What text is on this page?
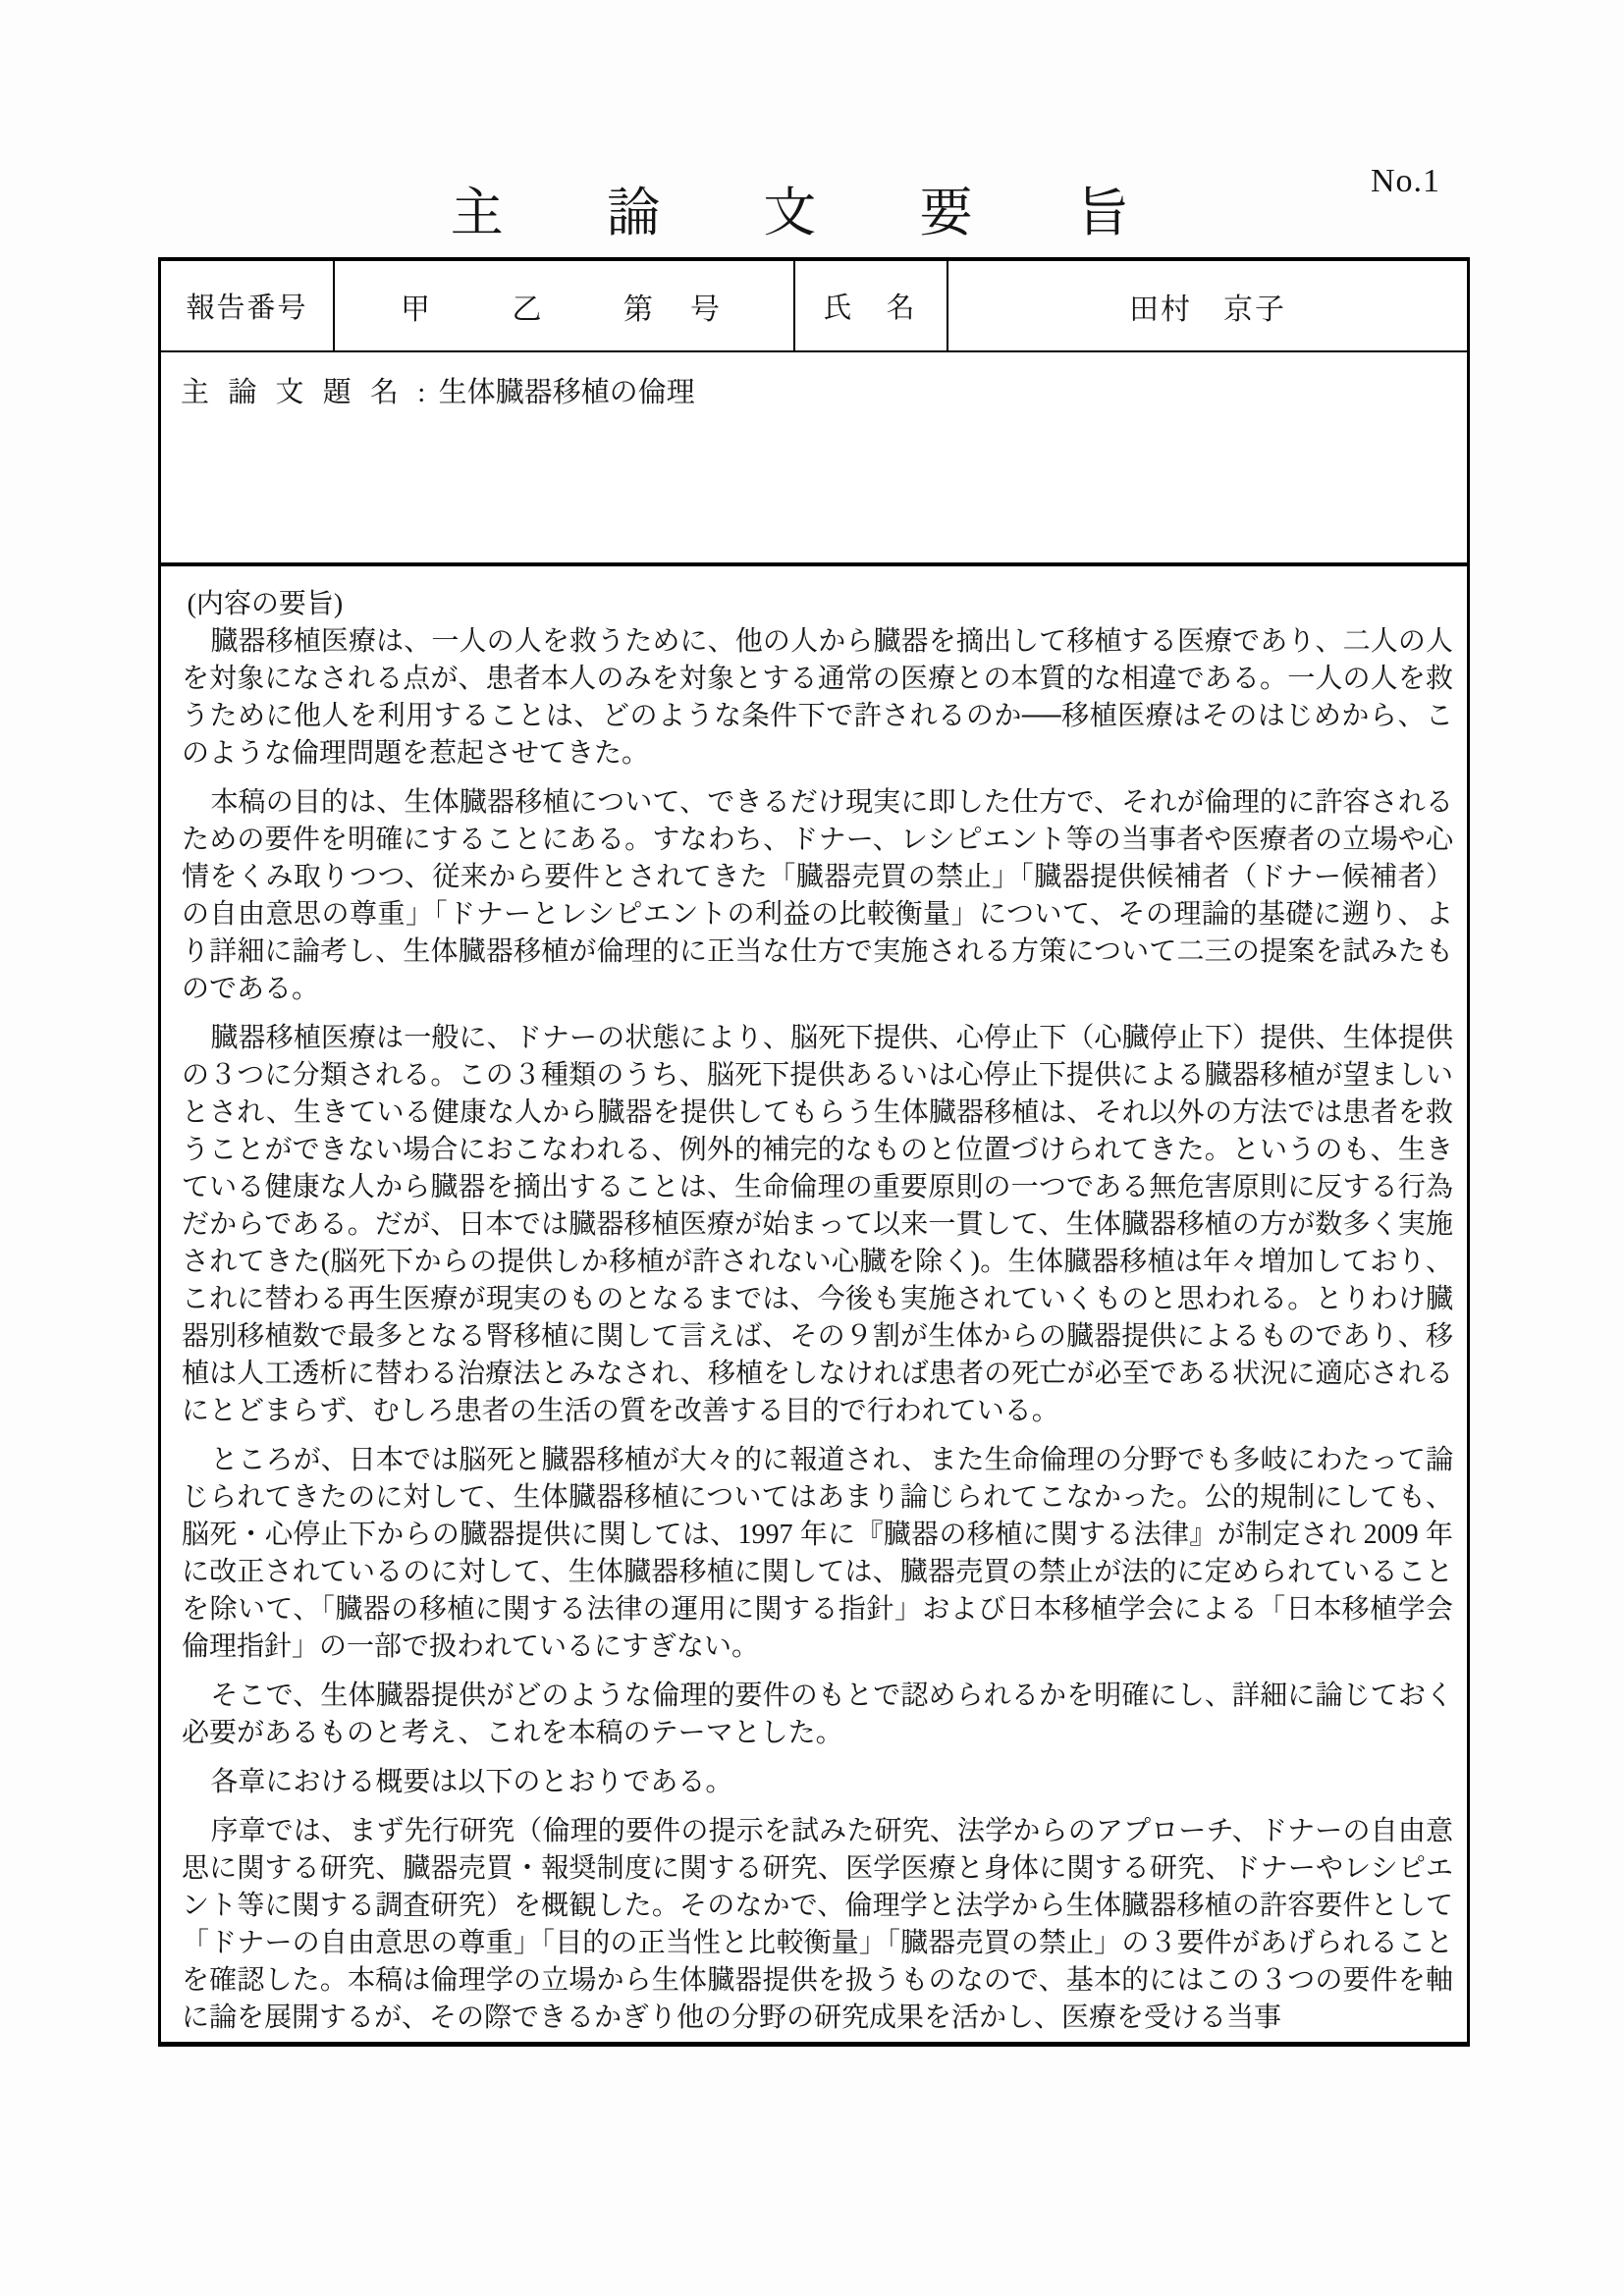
主論文要旨
No.1
報告番号	甲 乙 第 号	氏 名	田村　京子
主 論 文 題 名 : 生体臓器移植の倫理

(内容の要旨)

臓器移植医療は、一人の人を救うために、他の人から臓器を摘出して移植する医療であり、二人の人を対象になされる点が、患者本人のみを対象とする通常の医療との本質的な相違である。一人の人を救うために他人を利用することは、どのような条件下で許されるのか──移植医療はそのはじめから、このような倫理問題を惹起させてきた。

本稿の目的は、生体臓器移植について、できるだけ現実に即した仕方で、それが倫理的に許容されるための要件を明確にすることにある。すなわち、ドナー、レシピエント等の当事者や医療者の立場や心情をくみ取りつつ、従来から要件とされてきた「臓器売買の禁止」「臓器提供候補者（ドナー候補者）の自由意思の尊重」「ドナーとレシピエントの利益の比較衡量」について、その理論的基礎に遡り、より詳細に論考し、生体臓器移植が倫理的に正当な仕方で実施される方策について二三の提案を試みたものである。

臓器移植医療は一般に、ドナーの状態により、脳死下提供、心停止下（心臓停止下）提供、生体提供の３つに分類される。この３種類のうち、脳死下提供あるいは心停止下提供による臓器移植が望ましいとされ、生きている健康な人から臓器を提供してもらう生体臓器移植は、それ以外の方法では患者を救うことができない場合におこなわれる、例外的補完的なものと位置づけられてきた。というのも、生きている健康な人から臓器を摘出することは、生命倫理の重要原則の一つである無危害原則に反する行為だからである。だが、日本では臓器移植医療が始まって以来一貫して、生体臓器移植の方が数多く実施されてきた(脳死下からの提供しか移植が許されない心臓を除く)。生体臓器移植は年々増加しており、これに替わる再生医療が現実のものとなるまでは、今後も実施されていくものと思われる。とりわけ臓器別移植数で最多となる腎移植に関して言えば、その９割が生体からの臓器提供によるものであり、移植は人工透析に替わる治療法とみなされ、移植をしなければ患者の死亡が必至である状況に適応されるにとどまらず、むしろ患者の生活の質を改善する目的で行われている。

ところが、日本では脳死と臓器移植が大々的に報道され、また生命倫理の分野でも多岐にわたって論じられてきたのに対して、生体臓器移植についてはあまり論じられてこなかった。公的規制にしても、脳死・心停止下からの臓器提供に関しては、1997 年に『臓器の移植に関する法律』が制定され 2009 年に改正されているのに対して、生体臓器移植に関しては、臓器売買の禁止が法的に定められていることを除いて、「臓器の移植に関する法律の運用に関する指針」および日本移植学会による「日本移植学会倫理指針」の一部で扱われているにすぎない。

そこで、生体臓器提供がどのような倫理的要件のもとで認められるかを明確にし、詳細に論じておく必要があるものと考え、これを本稿のテーマとした。

各章における概要は以下のとおりである。

序章では、まず先行研究（倫理的要件の提示を試みた研究、法学からのアプローチ、ドナーの自由意思に関する研究、臓器売買・報奨制度に関する研究、医学医療と身体に関する研究、ドナーやレシピエント等に関する調査研究）を概観した。そのなかで、倫理学と法学から生体臓器移植の許容要件として「ドナーの自由意思の尊重」「目的の正当性と比較衡量」「臓器売買の禁止」の３要件があげられることを確認した。本稿は倫理学の立場から生体臓器提供を扱うものなので、基本的にはこの３つの要件を軸に論を展開するが、その際できるかぎり他の分野の研究成果を活かし、医療を受ける当事
